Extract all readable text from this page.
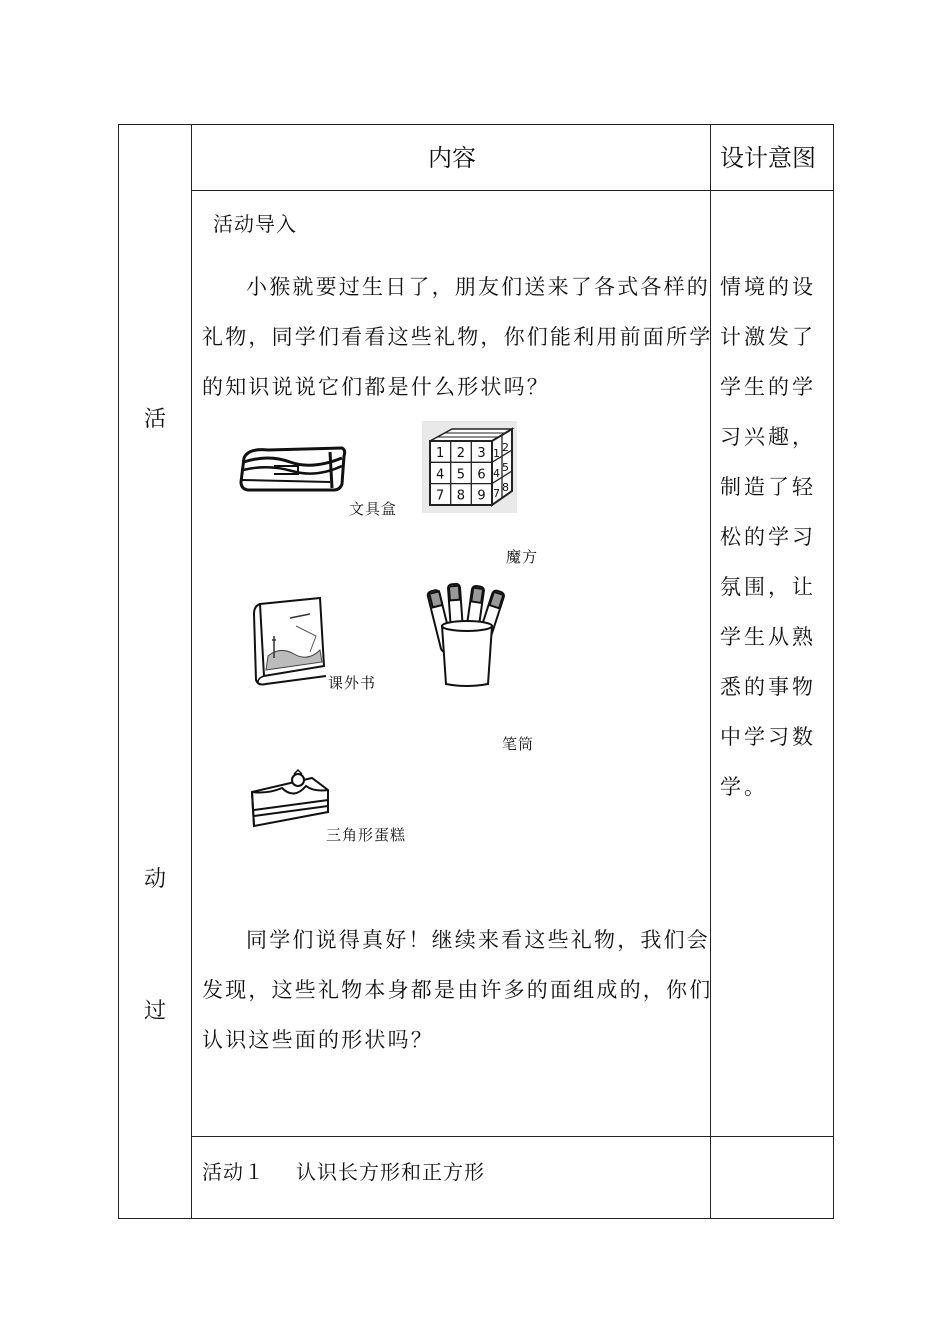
活
动
过
内容	设计意图
活动导入
小猴就要过生日了，朋友们送来了各式各样的
礼物，同学们看看这些礼物，你们能利用前面所学
的知识说说它们都是什么形状吗？
文具盒
1 2 3 1 2
4 5 6 4 5
7 8 9 7 8
魔方
课外书
笔筒
三角形蛋糕
同学们说得真好！继续来看这些礼物，我们会
发现，这些礼物本身都是由许多的面组成的，你们
认识这些面的形状吗？
情境的设
计激发了
学生的学
习兴趣，
制造了轻
松的学习
氛围，让
学生从熟
悉的事物
中学习数
学。
活动１ 认识长方形和正方形
